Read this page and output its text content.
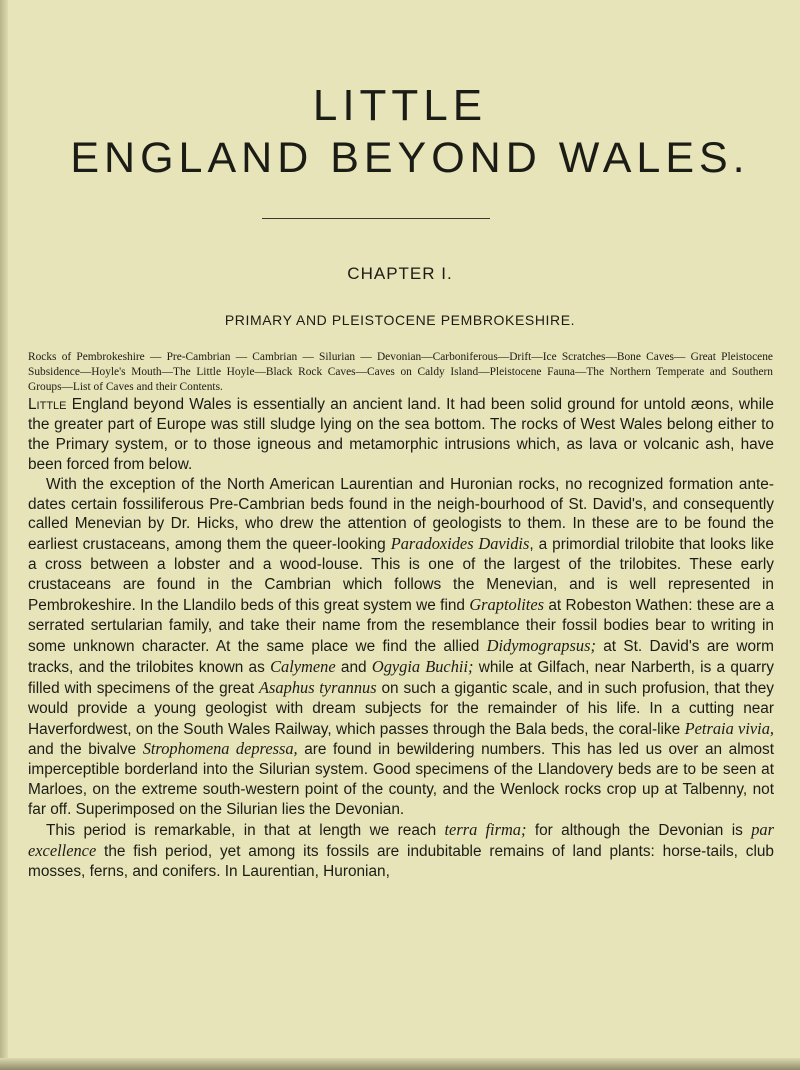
LITTLE
ENGLAND BEYOND WALES.
CHAPTER I.
PRIMARY AND PLEISTOCENE PEMBROKESHIRE.
Rocks of Pembrokeshire — Pre-Cambrian — Cambrian — Silurian — Devonian—Carboniferous—Drift—Ice Scratches—Bone Caves— Great Pleistocene Subsidence—Hoyle's Mouth—The Little Hoyle—Black Rock Caves—Caves on Caldy Island—Pleistocene Fauna—The Northern Temperate and Southern Groups—List of Caves and their Contents.

Little England beyond Wales is essentially an ancient land. It had been solid ground for untold æons, while the greater part of Europe was still sludge lying on the sea bottom. The rocks of West Wales belong either to the Primary system, or to those igneous and metamorphic intrusions which, as lava or volcanic ash, have been forced from below.

With the exception of the North American Laurentian and Huronian rocks, no recognized formation ante-dates certain fossiliferous Pre-Cambrian beds found in the neigh-bourhood of St. David's, and consequently called Menevian by Dr. Hicks, who drew the attention of geologists to them. In these are to be found the earliest crustaceans, among them the queer-looking Paradoxides Davidis, a primordial trilobite that looks like a cross between a lobster and a wood-louse. This is one of the largest of the trilobites. These early crustaceans are found in the Cambrian which follows the Menevian, and is well represented in Pembrokeshire. In the Llandilo beds of this great system we find Graptolites at Robeston Wathen: these are a serrated sertularian family, and take their name from the resemblance their fossil bodies bear to writing in some unknown character. At the same place we find the allied Didymograpsus; at St. David's are worm tracks, and the trilobites known as Calymene and Ogygia Buchii; while at Gilfach, near Narberth, is a quarry filled with specimens of the great Asaphus tyrannus on such a gigantic scale, and in such profusion, that they would provide a young geologist with dream subjects for the remainder of his life. In a cutting near Haverfordwest, on the South Wales Railway, which passes through the Bala beds, the coral-like Petraia vivia, and the bivalve Strophomena depressa, are found in bewildering numbers. This has led us over an almost imperceptible borderland into the Silurian system. Good specimens of the Llandovery beds are to be seen at Marloes, on the extreme south-western point of the county, and the Wenlock rocks crop up at Talbenny, not far off. Superimposed on the Silurian lies the Devonian.

This period is remarkable, in that at length we reach terra firma; for although the Devonian is par excellence the fish period, yet among its fossils are indubitable remains of land plants: horse-tails, club mosses, ferns, and conifers. In Laurentian, Huronian,
